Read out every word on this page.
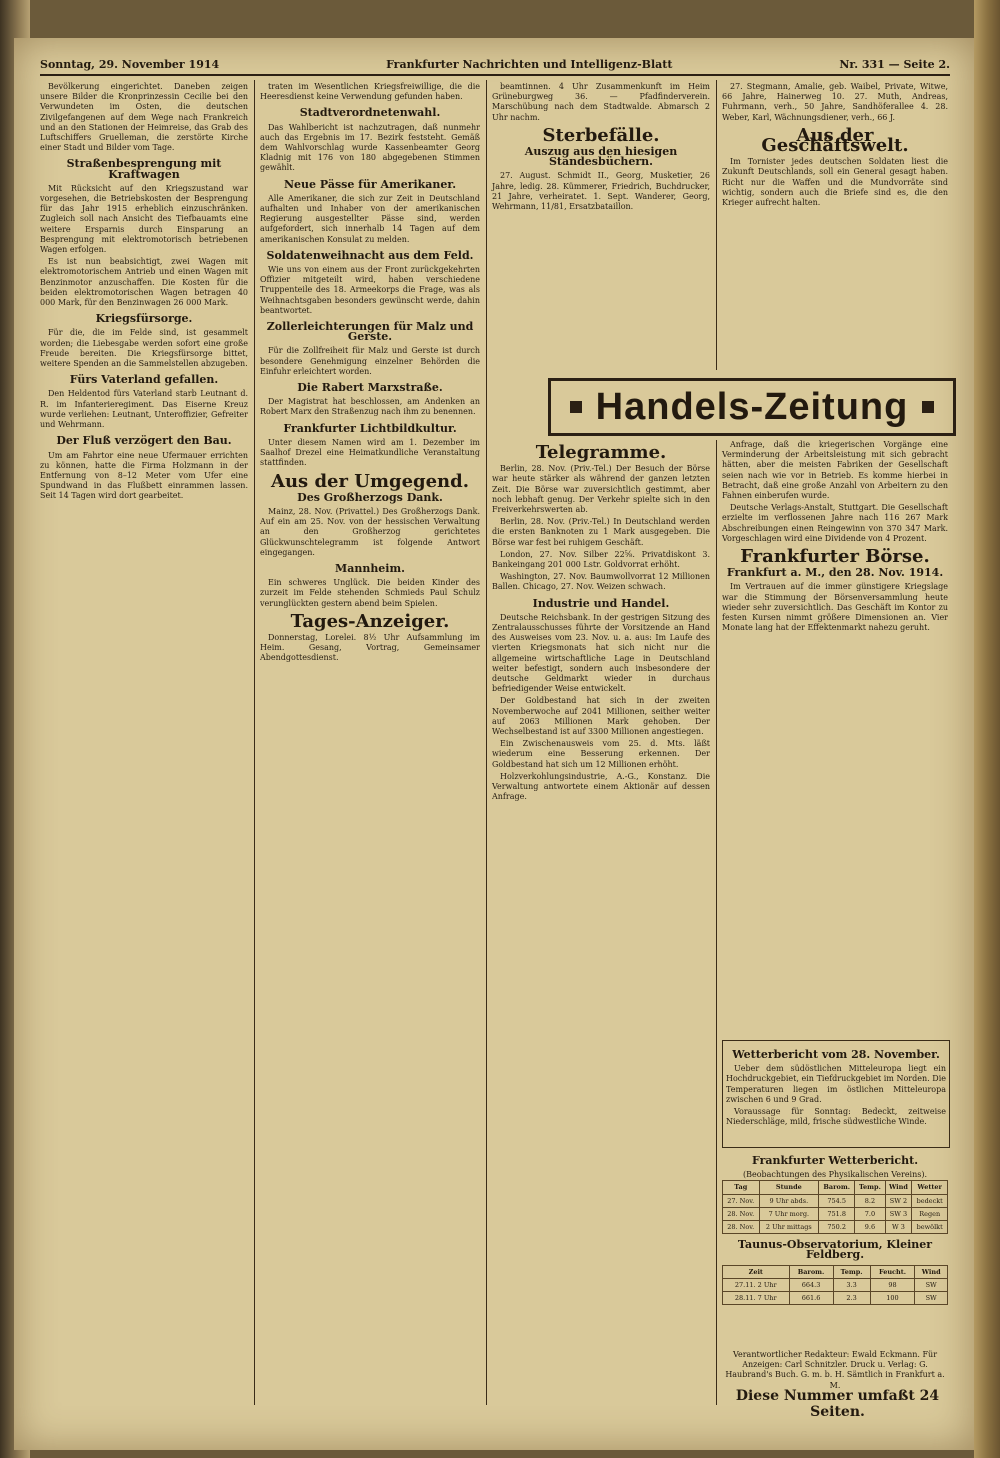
Sonntag, 29. November 1914	Frankfurter Nachrichten und Intelligenz-Blatt	Nr. 331 — Seite 2.

Bevölkerung eingerichtet. Daneben zeigen unsere Bilder die Kronprinzessin Cecilie bei den Verwundeten im Osten, die deutschen Zivilgefangenen auf dem Wege nach Frankreich und an den Stationen der Heimreise, das Grab des Luftschiffers Gruelleman, die zerstörte Kirche einer Stadt und Bilder vom Tage.

Straßenbesprengung mit Kraftwagen

Mit Rücksicht auf den Kriegszustand war vorgesehen, die Betriebskosten der Besprengung für das Jahr 1915 erheblich einzuschränken. Zugleich soll nach Ansicht des Tiefbauamts eine weitere Ersparnis durch Einsparung an Besprengung mit elektromotorisch betriebenen Wagen erfolgen.

Es ist nun beabsichtigt, zwei Wagen mit elektromotorischem Antrieb und einen Wagen mit Benzinmotor anzuschaffen. Die Kosten für die beiden elektromotorischen Wagen betragen 40 000 Mark, für den Benzinwagen 26 000 Mark.

Kriegsfürsorge.

Für die, die im Felde sind, ist gesammelt worden; die Liebesgabe werden sofort eine große Freude bereiten. Die Kriegsfürsorge bittet, weitere Spenden an die Sammelstellen abzugeben.

Fürs Vaterland gefallen.

Den Heldentod fürs Vaterland starb Leutnant d. R. im Infanterieregiment. Das Eiserne Kreuz wurde verliehen: Leutnant, Unteroffizier, Gefreiter und Wehrmann.

Der Fluß verzögert den Bau.

Um am Fahrtor eine neue Ufermauer errichten zu können, hatte die Firma Holzmann in der Entfernung von 8–12 Meter vom Ufer eine Spundwand in das Flußbett einrammen lassen. Seit 14 Tagen wird dort gearbeitet.

traten im Wesentlichen Kriegsfreiwillige, die die Heeresdienst keine Verwendung gefunden haben.

Stadtverordnetenwahl.

Das Wahlbericht ist nachzutragen, daß nunmehr auch das Ergebnis im 17. Bezirk feststeht. Gemäß dem Wahlvorschlag wurde Kassenbeamter Georg Kladnig mit 176 von 180 abgegebenen Stimmen gewählt.

Neue Pässe für Amerikaner.

Alle Amerikaner, die sich zur Zeit in Deutschland aufhalten und Inhaber von der amerikanischen Regierung ausgestellter Pässe sind, werden aufgefordert, sich innerhalb 14 Tagen auf dem amerikanischen Konsulat zu melden.

Soldatenweihnacht aus dem Feld.

Wie uns von einem aus der Front zurückgekehrten Offizier mitgeteilt wird, haben verschiedene Truppenteile des 18. Armeekorps die Frage, was als Weihnachtsgaben besonders gewünscht werde, dahin beantwortet.

Zollerleichterungen für Malz und Gerste.

Für die Zollfreiheit für Malz und Gerste ist durch besondere Genehmigung einzelner Behörden die Einfuhr erleichtert worden.

Die Rabert Marxstraße.

Der Magistrat hat beschlossen, am Andenken an Robert Marx den Straßenzug nach ihm zu benennen.

Frankfurter Lichtbildkultur.

Unter diesem Namen wird am 1. Dezember im Saalhof Drezel eine Heimatkundliche Veranstaltung stattfinden.

Aus der Umgegend.
Des Großherzogs Dank.

Mainz, 28. Nov. (Privattel.) Des Großherzogs Dank. Auf ein am 25. Nov. von der hessischen Verwaltung an den Großherzog gerichtetes Glückwunschtelegramm ist folgende Antwort eingegangen.

Mannheim.

Ein schweres Unglück. Die beiden Kinder des zurzeit im Felde stehenden Schmieds Paul Schulz verunglückten gestern abend beim Spielen.

Tages-Anzeiger.

Donnerstag, Lorelei. 8½ Uhr Aufsammlung im Heim. Gesang, Vortrag, Gemeinsamer Abendgottesdienst.

beamtinnen. 4 Uhr Zusammenkunft im Heim Grüneburgweg 36. — Pfadfinderverein. Marschübung nach dem Stadtwalde. Abmarsch 2 Uhr nachm.

Sterbefälle.
Auszug aus den hiesigen Standesbüchern.

27. August. Schmidt II., Georg, Musketier, 26 Jahre, ledig. 28. Kümmerer, Friedrich, Buchdrucker, 21 Jahre, verheiratet. 1. Sept. Wanderer, Georg, Wehrmann, 11/81, Ersatzbataillon.

27. Stegmann, Amalie, geb. Waibel, Private, Witwe, 66 Jahre, Hainerweg 10. 27. Muth, Andreas, Fuhrmann, verh., 50 Jahre, Sandhöferallee 4. 28. Weber, Karl, Wächnungsdiener, verh., 66 J.

Aus der Geschäftswelt.

Im Tornister jedes deutschen Soldaten liest die Zukunft Deutschlands, soll ein General gesagt haben. Richt nur die Waffen und die Mundvorräte sind wichtig, sondern auch die Briefe sind es, die den Krieger aufrecht halten.

Handels-Zeitung
Telegramme.

Berlin, 28. Nov. (Priv.-Tel.) Der Besuch der Börse war heute stärker als während der ganzen letzten Zeit. Die Börse war zuversichtlich gestimmt, aber noch lebhaft genug. Der Verkehr spielte sich in den Freiverkehrswerten ab.

Berlin, 28. Nov. (Priv.-Tel.) In Deutschland werden die ersten Banknoten zu 1 Mark ausgegeben. Die Börse war fest bei ruhigem Geschäft.

London, 27. Nov. Silber 22⅝. Privatdiskont 3. Bankeingang 201 000 Lstr. Goldvorrat erhöht.

Washington, 27. Nov. Baumwollvorrat 12 Millionen Ballen. Chicago, 27. Nov. Weizen schwach.

Industrie und Handel.

Deutsche Reichsbank. In der gestrigen Sitzung des Zentralausschusses führte der Vorsitzende an Hand des Ausweises vom 23. Nov. u. a. aus: Im Laufe des vierten Kriegsmonats hat sich nicht nur die allgemeine wirtschaftliche Lage in Deutschland weiter befestigt, sondern auch insbesondere der deutsche Geldmarkt wieder in durchaus befriedigender Weise entwickelt.

Der Goldbestand hat sich in der zweiten Novemberwoche auf 2041 Millionen, seither weiter auf 2063 Millionen Mark gehoben. Der Wechselbestand ist auf 3300 Millionen angestiegen.

Ein Zwischenausweis vom 25. d. Mts. läßt wiederum eine Besserung erkennen. Der Goldbestand hat sich um 12 Millionen erhöht.

Holzverkohlungsindustrie, A.-G., Konstanz. Die Verwaltung antwortete einem Aktionär auf dessen Anfrage.

Anfrage, daß die kriegerischen Vorgänge eine Verminderung der Arbeitsleistung mit sich gebracht hätten, aber die meisten Fabriken der Gesellschaft seien nach wie vor in Betrieb. Es komme hierbei in Betracht, daß eine große Anzahl von Arbeitern zu den Fahnen einberufen wurde.

Deutsche Verlags-Anstalt, Stuttgart. Die Gesellschaft erzielte im verflossenen Jahre nach 116 267 Mark Abschreibungen einen Reingewinn von 370 347 Mark. Vorgeschlagen wird eine Dividende von 4 Prozent.

Frankfurter Börse.
Frankfurt a. M., den 28. Nov. 1914.

Im Vertrauen auf die immer günstigere Kriegslage war die Stimmung der Börsenversammlung heute wieder sehr zuversichtlich. Das Geschäft im Kontor zu festen Kursen nimmt größere Dimensionen an. Vier Monate lang hat der Effektenmarkt nahezu geruht.

Wetterbericht vom 28. November.

Ueber dem südöstlichen Mitteleuropa liegt ein Hochdruckgebiet, ein Tiefdruckgebiet im Norden. Die Temperaturen liegen im östlichen Mitteleuropa zwischen 6 und 9 Grad.

Voraussage für Sonntag: Bedeckt, zeitweise Niederschläge, mild, frische südwestliche Winde.

Frankfurter Wetterbericht.
(Beobachtungen des Physikalischen Vereins).
Tag	Stunde	Barom.	Temp.	Wind	Wetter
27. Nov.	9 Uhr abds.	754.5	8.2	SW 2	bedeckt
28. Nov.	7 Uhr morg.	751.8	7.0	SW 3	Regen
28. Nov.	2 Uhr mittags	750.2	9.6	W 3	bewölkt
Taunus-Observatorium, Kleiner Feldberg.
Zeit	Barom.	Temp.	Feucht.	Wind
27.11. 2 Uhr	664.3	3.3	98	SW
28.11. 7 Uhr	661.6	2.3	100	SW

Verantwortlicher Redakteur: Ewald Eckmann. Für Anzeigen: Carl Schnitzler. Druck u. Verlag: G. Haubrand's Buch. G. m. b. H. Sämtlich in Frankfurt a. M.

Diese Nummer umfaßt 24 Seiten.
